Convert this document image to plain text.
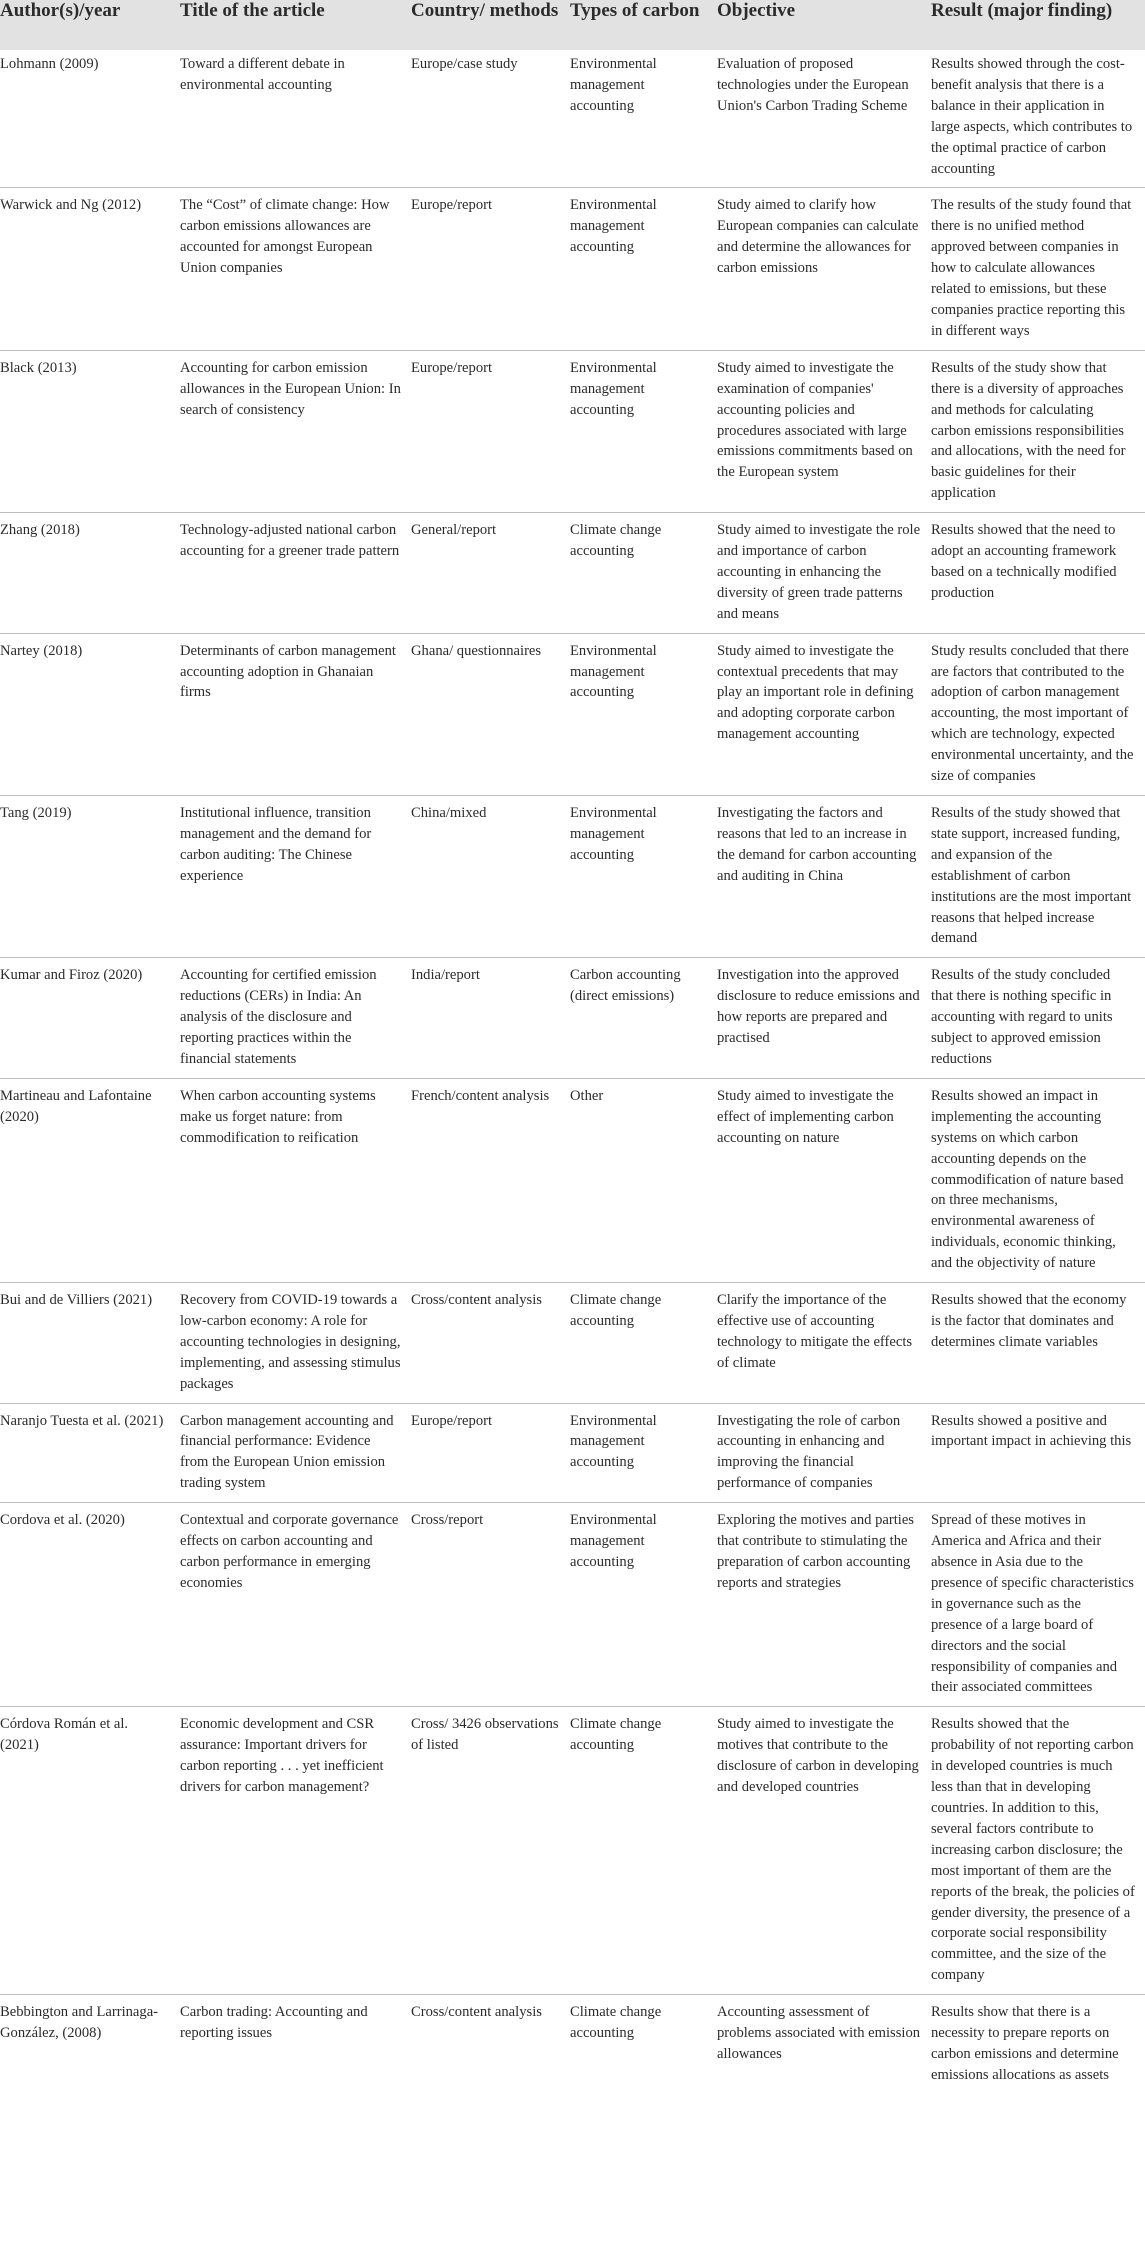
Author(s)/year	Title of the article	Country/ methods	Types of carbon	Objective	Result (major finding)
Lohmann (2009)	Toward a different debate in environmental accounting	Europe/case study	Environmental management accounting	Evaluation of proposed technologies under the European Union's Carbon Trading Scheme	Results showed through the cost-benefit analysis that there is a balance in their application in large aspects, which contributes to the optimal practice of carbon accounting
Warwick and Ng (2012)	The “Cost” of climate change: How carbon emissions allowances are accounted for amongst European Union companies	Europe/report	Environmental management accounting	Study aimed to clarify how European companies can calculate and determine the allowances for carbon emissions	The results of the study found that there is no unified method approved between companies in how to calculate allowances related to emissions, but these companies practice reporting this in different ways
Black (2013)	Accounting for carbon emission allowances in the European Union: In search of consistency	Europe/report	Environmental management accounting	Study aimed to investigate the examination of companies' accounting policies and procedures associated with large emissions commitments based on the European system	Results of the study show that there is a diversity of approaches and methods for calculating carbon emissions responsibilities and allocations, with the need for basic guidelines for their application
Zhang (2018)	Technology-adjusted national carbon accounting for a greener trade pattern	General/report	Climate change accounting	Study aimed to investigate the role and importance of carbon accounting in enhancing the diversity of green trade patterns and means	Results showed that the need to adopt an accounting framework based on a technically modified production
Nartey (2018)	Determinants of carbon management accounting adoption in Ghanaian firms	Ghana/ questionnaires	Environmental management accounting	Study aimed to investigate the contextual precedents that may play an important role in defining and adopting corporate carbon management accounting	Study results concluded that there are factors that contributed to the adoption of carbon management accounting, the most important of which are technology, expected environmental uncertainty, and the size of companies
Tang (2019)	Institutional influence, transition management and the demand for carbon auditing: The Chinese experience	China/mixed	Environmental management accounting	Investigating the factors and reasons that led to an increase in the demand for carbon accounting and auditing in China	Results of the study showed that state support, increased funding, and expansion of the establishment of carbon institutions are the most important reasons that helped increase demand
Kumar and Firoz (2020)	Accounting for certified emission reductions (CERs) in India: An analysis of the disclosure and reporting practices within the financial statements	India/report	Carbon accounting (direct emissions)	Investigation into the approved disclosure to reduce emissions and how reports are prepared and practised	Results of the study concluded that there is nothing specific in accounting with regard to units subject to approved emission reductions
Martineau and Lafontaine (2020)	When carbon accounting systems make us forget nature: from commodification to reification	French/content analysis	Other	Study aimed to investigate the effect of implementing carbon accounting on nature	Results showed an impact in implementing the accounting systems on which carbon accounting depends on the commodification of nature based on three mechanisms, environmental awareness of individuals, economic thinking, and the objectivity of nature
Bui and de Villiers (2021)	Recovery from COVID-19 towards a low-carbon economy: A role for accounting technologies in designing, implementing, and assessing stimulus packages	Cross/content analysis	Climate change accounting	Clarify the importance of the effective use of accounting technology to mitigate the effects of climate	Results showed that the economy is the factor that dominates and determines climate variables
Naranjo Tuesta et al. (2021)	Carbon management accounting and financial performance: Evidence from the European Union emission trading system	Europe/report	Environmental management accounting	Investigating the role of carbon accounting in enhancing and improving the financial performance of companies	Results showed a positive and important impact in achieving this
Cordova et al. (2020)	Contextual and corporate governance effects on carbon accounting and carbon performance in emerging economies	Cross/report	Environmental management accounting	Exploring the motives and parties that contribute to stimulating the preparation of carbon accounting reports and strategies	Spread of these motives in America and Africa and their absence in Asia due to the presence of specific characteristics in governance such as the presence of a large board of directors and the social responsibility of companies and their associated committees
Córdova Román et al. (2021)	Economic development and CSR assurance: Important drivers for carbon reporting . . . yet inefficient drivers for carbon management?	Cross/ 3426 observations of listed	Climate change accounting	Study aimed to investigate the motives that contribute to the disclosure of carbon in developing and developed countries	Results showed that the probability of not reporting carbon in developed countries is much less than that in developing countries. In addition to this, several factors contribute to increasing carbon disclosure; the most important of them are the reports of the break, the policies of gender diversity, the presence of a corporate social responsibility committee, and the size of the company
Bebbington and Larrinaga-González, (2008)	Carbon trading: Accounting and reporting issues	Cross/content analysis	Climate change accounting	Accounting assessment of problems associated with emission allowances	Results show that there is a necessity to prepare reports on carbon emissions and determine emissions allocations as assets
